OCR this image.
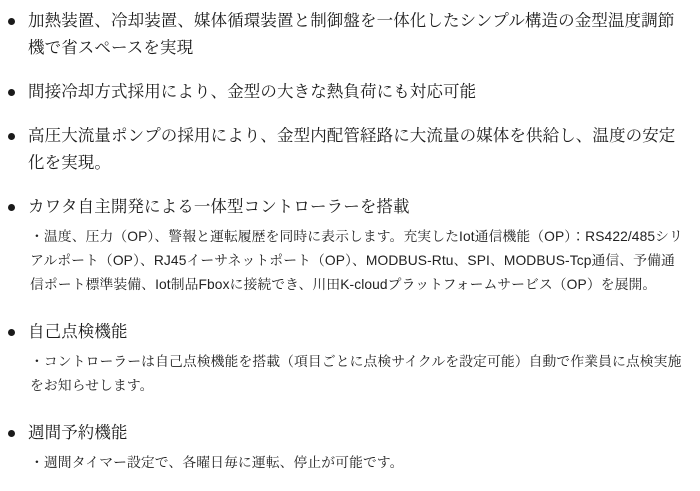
加熱装置、冷却装置、媒体循環装置と制御盤を一体化したシンプル構造の金型温度調節機で省スペースを実現
間接冷却方式採用により、金型の大きな熱負荷にも対応可能
高圧大流量ポンプの採用により、金型内配管経路に大流量の媒体を供給し、温度の安定化を実現。
カワタ自主開発による一体型コントローラーを搭載
・温度、圧力（OP）、警報と運転履歴を同時に表示します。充実したIot通信機能（OP）：RS422/485シリアルポート（OP）、RJ45イーサネットポート（OP）、MODBUS-Rtu、SPI、MODBUS-Tcp通信、予備通信ポート標準装備、Iot制品Fboxに接続でき、川田K-cloudプラットフォームサービス（OP）を展開。
自己点検機能
・コントローラーは自己点検機能を搭載（項目ごとに点検サイクルを設定可能）自動で作業員に点検実施をお知らせします。
週間予約機能
・週間タイマー設定で、各曜日毎に運転、停止が可能です。
